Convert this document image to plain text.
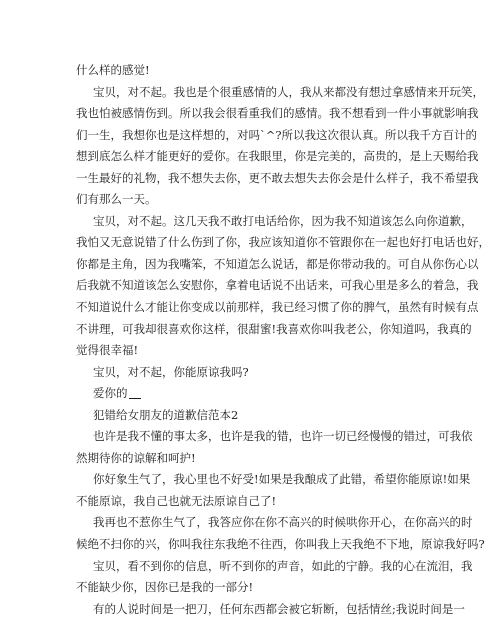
什么样的感觉!
宝贝，对不起。我也是个很重感情的人，我从来都没有想过拿感情来开玩笑，
我也怕被感情伤到。所以我会很看重我们的感情。我不想看到一件小事就影响我
们一生，我想你也是这样想的，对吗`^?所以我这次很认真。所以我千方百计的
想到底怎么样才能更好的爱你。在我眼里，你是完美的，高贵的，是上天赐给我
一生最好的礼物，我不想失去你，更不敢去想失去你会是什么样子，我不希望我
们有那么一天。
宝贝，对不起。这几天我不敢打电话给你，因为我不知道该怎么向你道歉，
我怕又无意说错了什么伤到了你，我应该知道你不管跟你在一起也好打电话也好，
你都是主角，因为我嘴笨，不知道怎么说话，都是你带动我的。可自从你伤心以
后我就不知道该怎么安慰你，拿着电话说不出话来，可我心里是多么的着急，我
不知道说什么才能让你变成以前那样，我已经习惯了你的脾气，虽然有时候有点
不讲理，可我却很喜欢你这样，很甜蜜!我喜欢你叫我老公，你知道吗，我真的
觉得很幸福!
宝贝，对不起，你能原谅我吗?
爱你的
犯错给女朋友的道歉信范本2
也许是我不懂的事太多，也许是我的错，也许一切已经慢慢的错过，可我依
然期待你的谅解和呵护!
你好象生气了，我心里也不好受!如果是我酿成了此错，希望你能原谅!如果
不能原谅，我自己也就无法原谅自己了!
我再也不惹你生气了，我答应你在你不高兴的时候哄你开心，在你高兴的时
候绝不扫你的兴，你叫我往东我绝不往西，你叫我上天我绝不下地，原谅我好吗?
宝贝，看不到你的信息，听不到你的声音，如此的宁静。我的心在流泪，我
不能缺少你，因你已是我的一部分!
有的人说时间是一把刀，任何东西都会被它斩断，包括情丝;我说时间是一
